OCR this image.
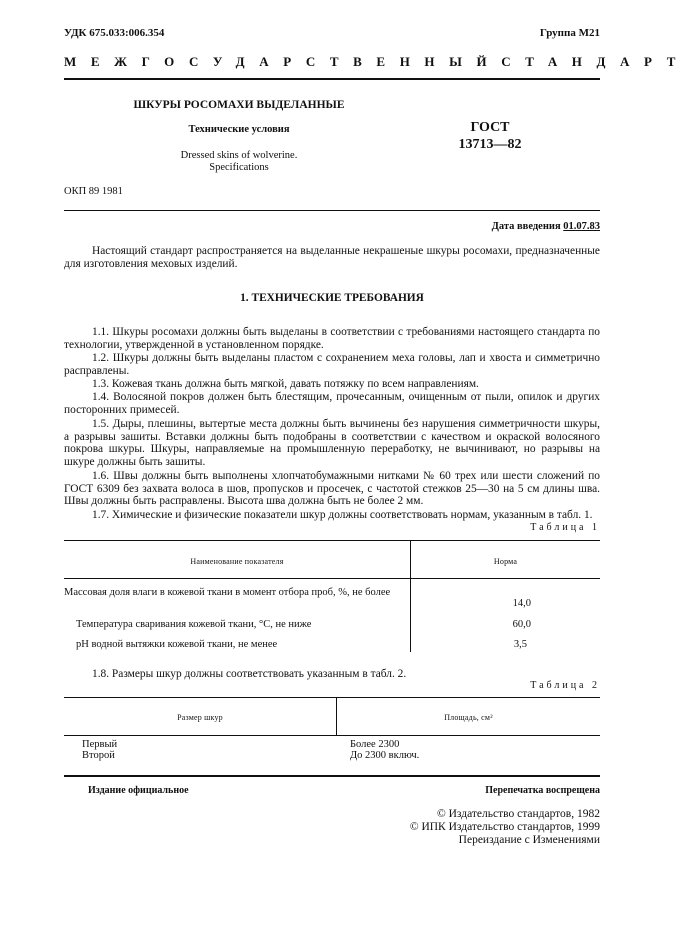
УДК 675.033:006.354	Группа М21
МЕЖГОСУДАРСТВЕННЫЙ СТАНДАРТ
ШКУРЫ РОСОМАХИ ВЫДЕЛАННЫЕ
Технические условия
Dressed skins of wolverine.
Specifications
ГОСТ
13713—82
ОКП 89 1981
Дата введения 01.07.83
Настоящий стандарт распространяется на выделанные некрашеные шкуры росомахи, предназначенные для изготовления меховых изделий.
1. ТЕХНИЧЕСКИЕ ТРЕБОВАНИЯ
1.1. Шкуры росомахи должны быть выделаны в соответствии с требованиями настоящего стандарта по технологии, утвержденной в установленном порядке.
1.2. Шкуры должны быть выделаны пластом с сохранением меха головы, лап и хвоста и симметрично расправлены.
1.3. Кожевая ткань должна быть мягкой, давать потяжку по всем направлениям.
1.4. Волосяной покров должен быть блестящим, прочесанным, очищенным от пыли, опилок и других посторонних примесей.
1.5. Дыры, плешины, вытертые места должны быть вычинены без нарушения симметричности шкуры, а разрывы зашиты. Вставки должны быть подобраны в соответствии с качеством и окраской волосяного покрова шкуры. Шкуры, направляемые на промышленную переработку, не вычинивают, но разрывы на шкуре должны быть зашиты.
1.6. Швы должны быть выполнены хлопчатобумажными нитками № 60 трех или шести сложений по ГОСТ 6309 без захвата волоса в шов, пропусков и просечек, с частотой стежков 25—30 на 5 см длины шва. Швы должны быть расправлены. Высота шва должна быть не более 2 мм.
1.7. Химические и физические показатели шкур должны соответствовать нормам, указанным в табл. 1.
Таблица 1
Наименование показателя	Норма
Массовая доля влаги в кожевой ткани в момент отбора проб, %, не более
14,0
Температура сваривания кожевой ткани, °С, не ниже	60,0
pH водной вытяжки кожевой ткани, не менее	3,5
1.8. Размеры шкур должны соответствовать указанным в табл. 2.
Таблица 2
Размер шкур	Площадь, см²
Первый	Более 2300
Второй	До 2300 включ.
Издание официальное	Перепечатка воспрещена
© Издательство стандартов, 1982
© ИПК Издательство стандартов, 1999
Переиздание с Изменениями
